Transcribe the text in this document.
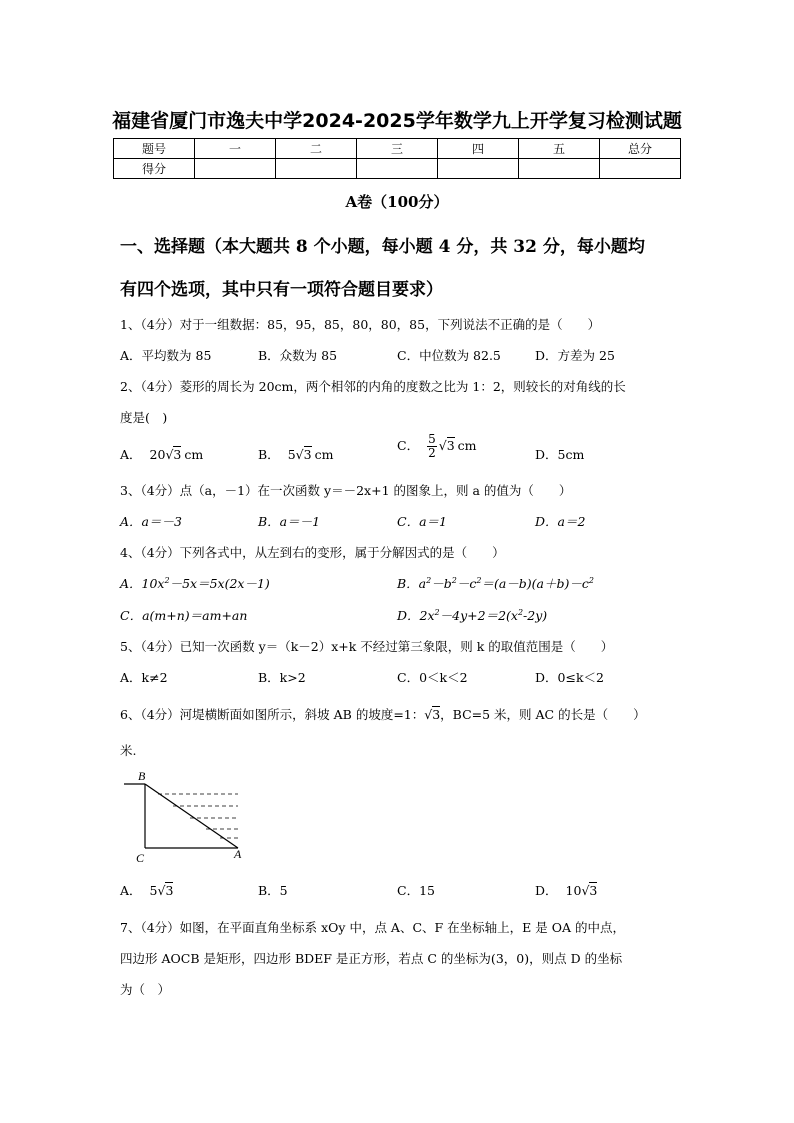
福建省厦门市逸夫中学2024-2025学年数学九上开学复习检测试题
题号	一	二	三	四	五	总分
得分						
A卷（100分）
一、选择题（本大题共 8 个小题，每小题 4 分，共 32 分，每小题均
有四个选项，其中只有一项符合题目要求）
1、（4分）对于一组数据：85，95，85，80，80，85，下列说法不正确的是（　　）
A．平均数为 85	B．众数为 85	C．中位数为 82.5	D．方差为 25
2、（4分）菱形的周长为 20cm，两个相邻的内角的度数之比为 1：2，则较长的对角线的长
度是(　)
A． 20√3 cm	B． 5√3 cm
C． $\frac{5}{2} √3$ cm
D．5cm
3、（4分）点（a，－1）在一次函数 y＝－2x+1 的图象上，则 a 的值为（　　）
A．a＝－3	B．a＝－1	C．a＝1	D．a＝2
4、（4分）下列各式中，从左到右的变形，属于分解因式的是（　　）
A．$10x^2-5x=5x(2x-1)$	B．$a^2-b^2-c^2=(a-b)(a+b)-c^2$
C．a(m+n)＝am+an	D．$2x^2-4y+2=2(x^2-2y)$
5、（4分）已知一次函数 y＝（k－2）x+k 不经过第三象限，则 k 的取值范围是（　　）
A．k≠2	B．k>2	C．0＜k＜2	D．0≤k＜2
6、（4分）河堤横断面如图所示，斜坡 AB 的坡度=1：√3，BC=5 米，则 AC 的长是（　　）
米.
B
C	A
A． 5√3	B．5	C．15	D． 10√3
7、（4分）如图，在平面直角坐标系 xOy 中，点 A、C、F 在坐标轴上，E 是 OA 的中点，
四边形 AOCB 是矩形，四边形 BDEF 是正方形，若点 C 的坐标为(3，0)，则点 D 的坐标
为（　）
